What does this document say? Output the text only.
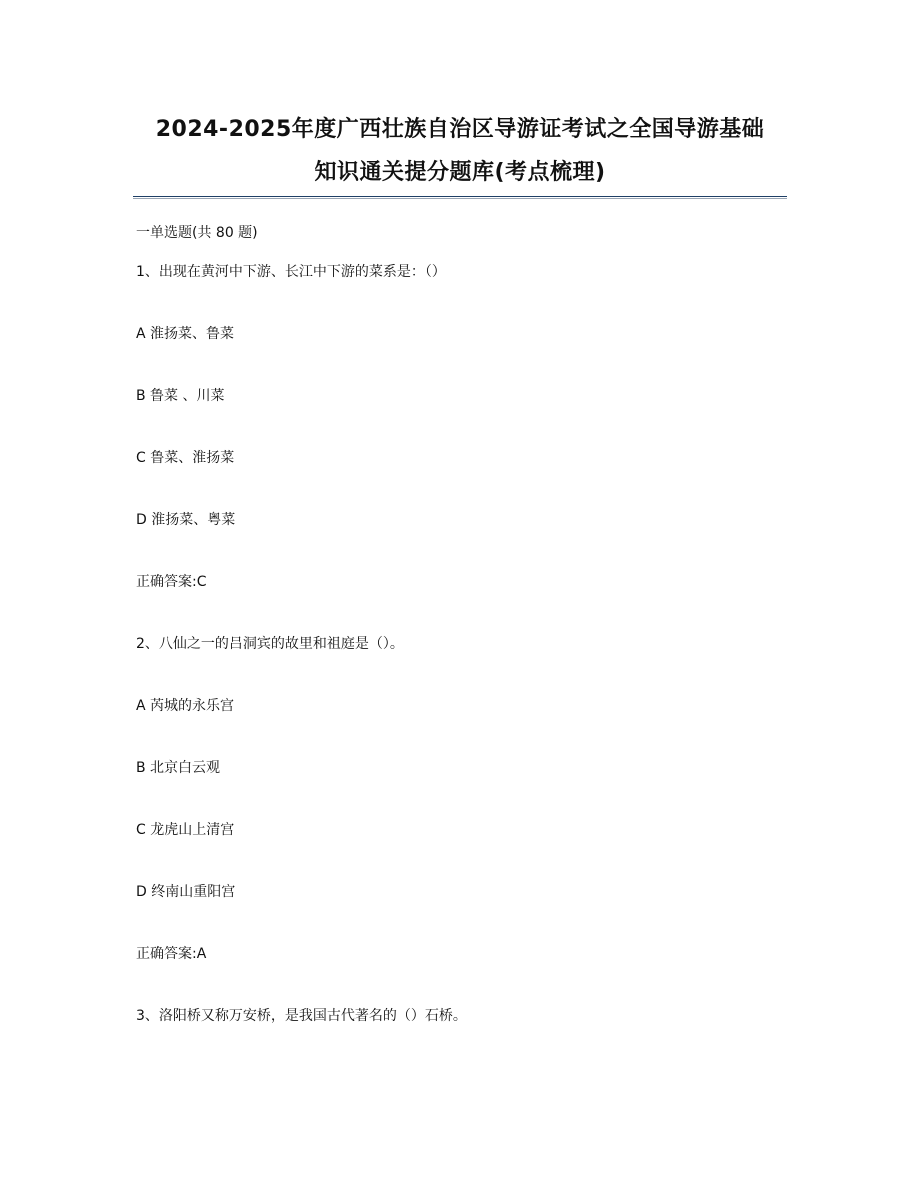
2024-2025年度广西壮族自治区导游证考试之全国导游基础
知识通关提分题库(考点梳理)
一单选题(共 80 题)
1、出现在黄河中下游、长江中下游的菜系是：（）
A 淮扬菜、鲁菜
B 鲁菜 、川菜
C 鲁菜、淮扬菜
D 淮扬菜、粤菜
正确答案:C
2、八仙之一的吕洞宾的故里和祖庭是（）。
A 芮城的永乐宫
B 北京白云观
C 龙虎山上清宫
D 终南山重阳宫
正确答案:A
3、洛阳桥又称万安桥，是我国古代著名的（）石桥。
